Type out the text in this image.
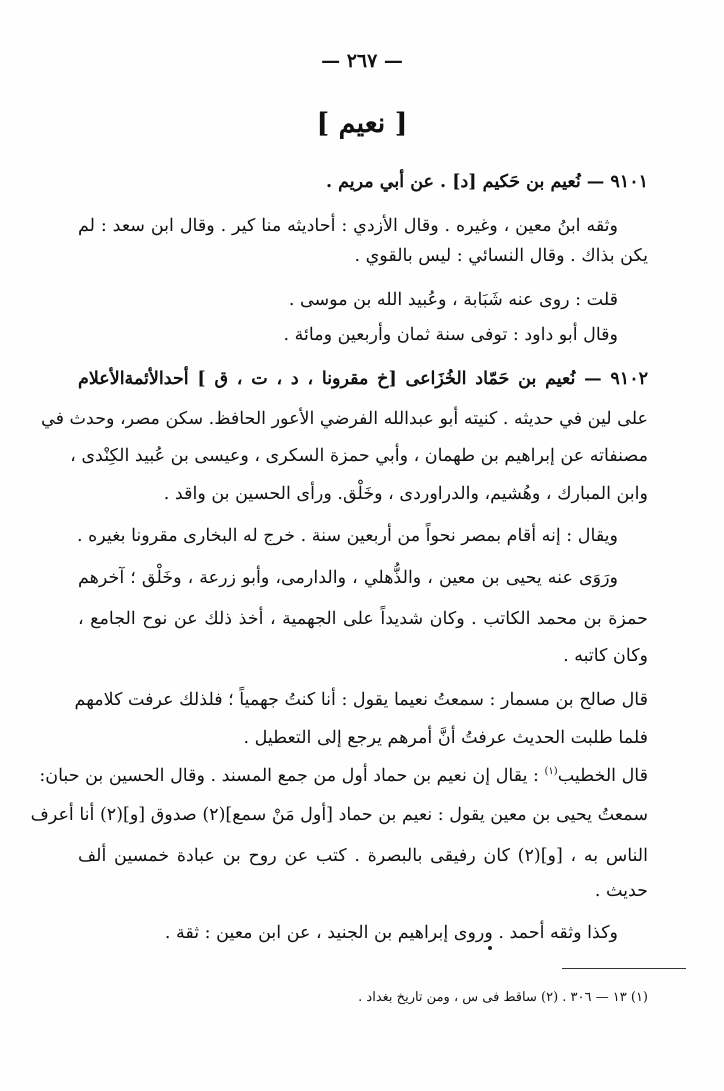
— ٢٦٧ —
[ نعيم ]
٩١٠١ — نُعيم بن حَكيم [د] . عن أبي مريم .
وثقه ابنُ معين ، وغيره . وقال الأزدي : أحاديثه منا كير . وقال ابن سعد : لم
يكن بذاك . وقال النسائي : ليس بالقوي .
قلت : روى عنه شَبَابة ، وعُبيد الله بن موسى .
وقال أبو داود : توفى سنة ثمان وأربعين ومائة .
٩١٠٢ — نُعيم بن حَمّاد الخُزَاعى [خ مقرونا ، د ، ت ، ق ] أحدالأئمةالأعلام
على لين في حديثه . كنيته أبو عبدالله الفرضي الأعور الحافظ. سكن مصر، وحدث في
مصنفاته عن إبراهيم بن طهمان ، وأبي حمزة السكرى ، وعيسى بن عُبيد الكِنْدى ،
وابن المبارك ، وهُشيم، والدراوردى ، وخَلْق. ورأى الحسين بن واقد .
ويقال : إنه أقام بمصر نحواً من أربعين سنة . خرج له البخارى مقرونا بغيره .
ورَوَى عنه يحيى بن معين ، والذُّهلي ، والدارمى، وأبو زرعة ، وخَلْق ؛ آخرهم
حمزة بن محمد الكاتب . وكان شديداً على الجهمية ، أخذ ذلك عن نوح الجامع ،
وكان كاتبه .
قال صالح بن مسمار : سمعتُ نعيما يقول : أنا كنتُ جهمياً ؛ فلذلك عرفت كلامهم
فلما طلبت الحديث عرفتُ أنَّ أمرهم يرجع إلى التعطيل .
قال الخطيب$^{(١)}$ : يقال إن نعيم بن حماد أول من جمع المسند . وقال الحسين بن حبان:
سمعتُ يحيى بن معين يقول : نعيم بن حماد [أول مَنْ سمع](٢) صدوق [و](٢) أنا أعرف
الناس به ، [و](٢) كان رفيقى بالبصرة . كتب عن روح بن عبادة خمسين ألف
حديث .
وكذا وثقه أحمد . وروى إبراهيم بن الجنيد ، عن ابن معين : ثقة .
(١) ١٣ — ٣٠٦ . (٢) ساقط فى س ، ومن تاريخ بغداد .
